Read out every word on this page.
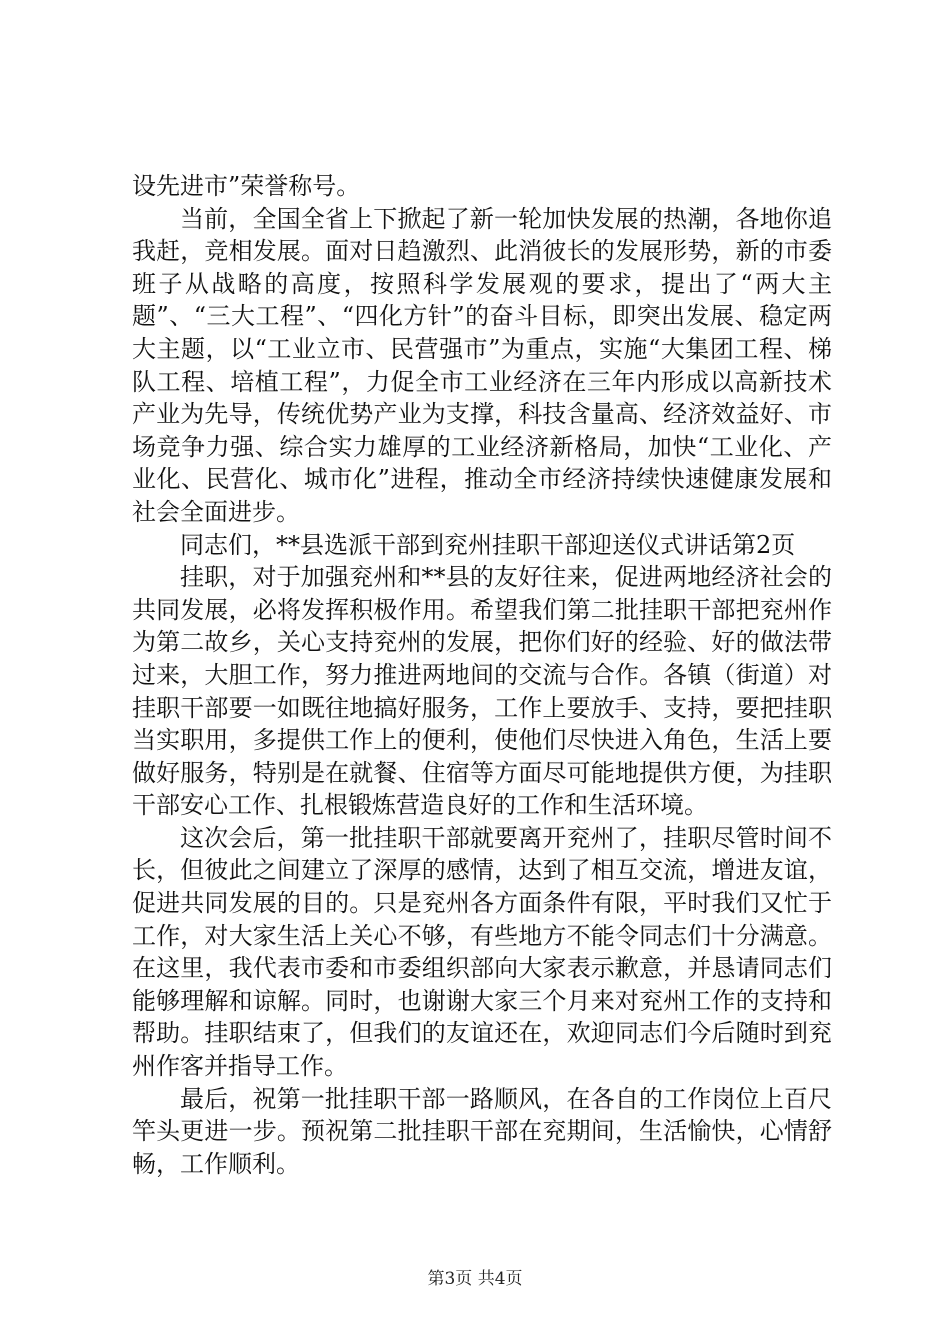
设先进市”荣誉称号。

当前，全国全省上下掀起了新一轮加快发展的热潮，各地你追我赶，竞相发展。面对日趋激烈、此消彼长的发展形势，新的市委班子从战略的高度，按照科学发展观的要求，提出了“两大主题”、“三大工程”、“四化方针”的奋斗目标，即突出发展、稳定两大主题，以“工业立市、民营强市”为重点，实施“大集团工程、梯队工程、培植工程”，力促全市工业经济在三年内形成以高新技术产业为先导，传统优势产业为支撑，科技含量高、经济效益好、市场竞争力强、综合实力雄厚的工业经济新格局，加快“工业化、产业化、民营化、城市化”进程，推动全市经济持续快速健康发展和社会全面进步。

同志们，**县选派干部到兖州挂职干部迎送仪式讲话第2页

挂职，对于加强兖州和**县的友好往来，促进两地经济社会的共同发展，必将发挥积极作用。希望我们第二批挂职干部把兖州作为第二故乡，关心支持兖州的发展，把你们好的经验、好的做法带过来，大胆工作，努力推进两地间的交流与合作。各镇（街道）对挂职干部要一如既往地搞好服务，工作上要放手、支持，要把挂职当实职用，多提供工作上的便利，使他们尽快进入角色，生活上要做好服务，特别是在就餐、住宿等方面尽可能地提供方便，为挂职干部安心工作、扎根锻炼营造良好的工作和生活环境。

这次会后，第一批挂职干部就要离开兖州了，挂职尽管时间不长，但彼此之间建立了深厚的感情，达到了相互交流，增进友谊，促进共同发展的目的。只是兖州各方面条件有限，平时我们又忙于工作，对大家生活上关心不够，有些地方不能令同志们十分满意。在这里，我代表市委和市委组织部向大家表示歉意，并恳请同志们能够理解和谅解。同时，也谢谢大家三个月来对兖州工作的支持和帮助。挂职结束了，但我们的友谊还在，欢迎同志们今后随时到兖州作客并指导工作。

最后，祝第一批挂职干部一路顺风，在各自的工作岗位上百尺竿头更进一步。预祝第二批挂职干部在兖期间，生活愉快，心情舒畅，工作顺利。

第3页 共4页
